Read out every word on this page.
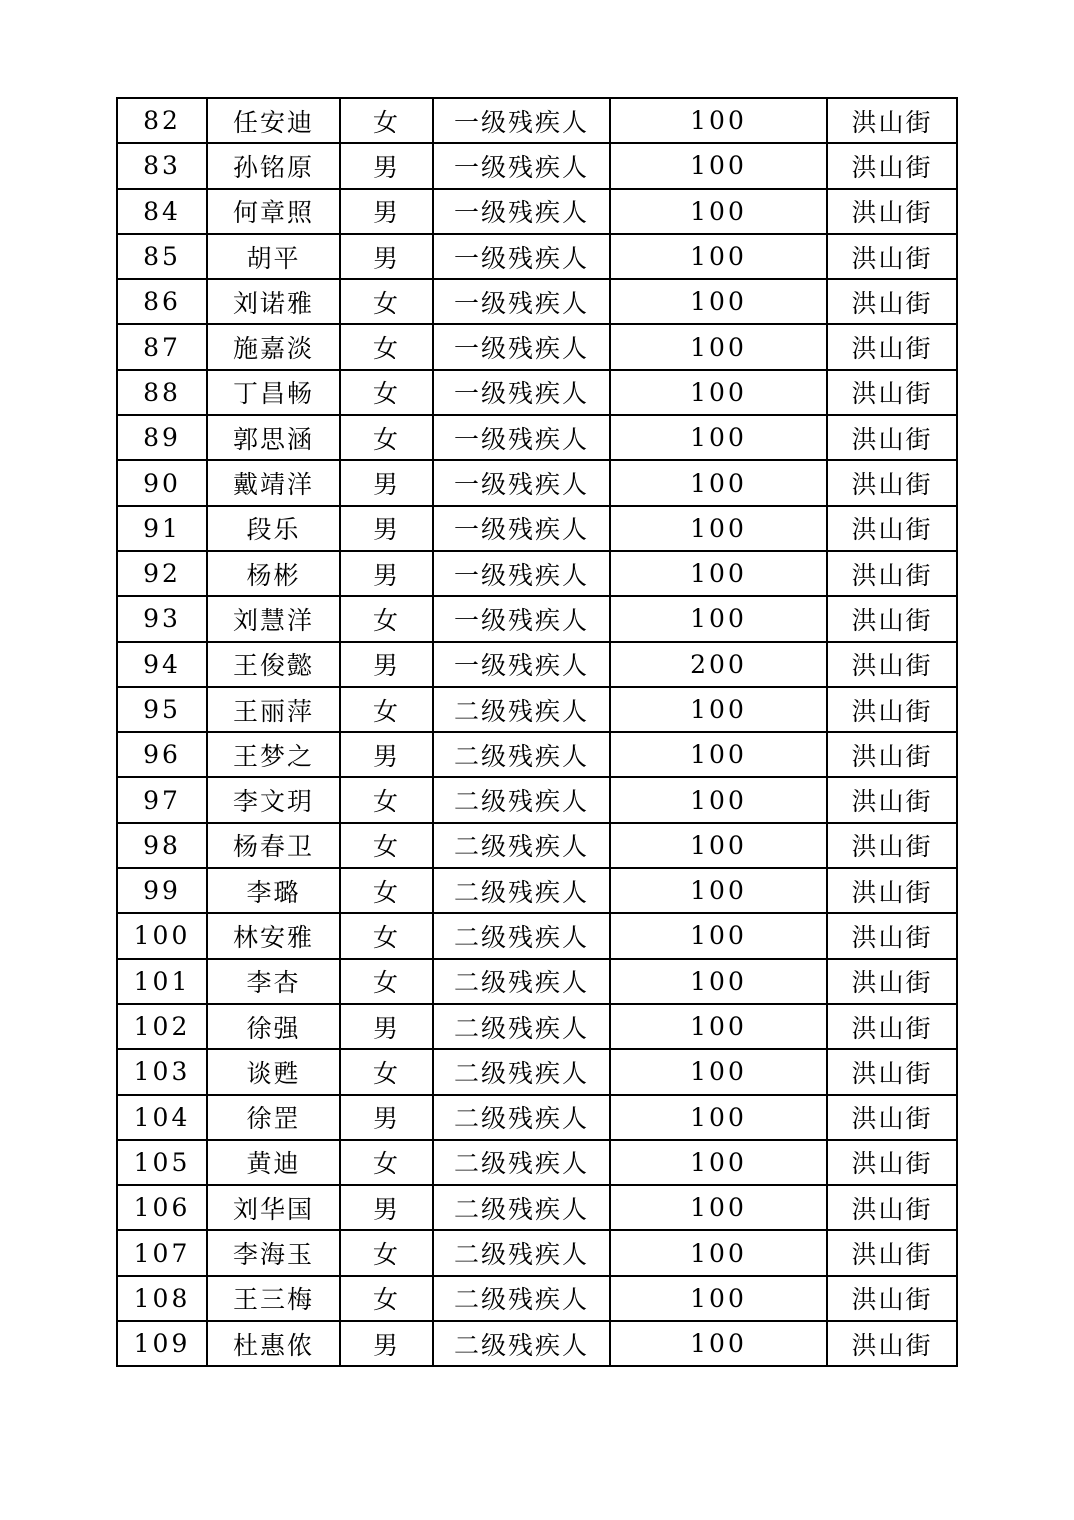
82	任安迪	女	一级残疾人	100	洪山街
83	孙铭原	男	一级残疾人	100	洪山街
84	何章照	男	一级残疾人	100	洪山街
85	胡平	男	一级残疾人	100	洪山街
86	刘诺雅	女	一级残疾人	100	洪山街
87	施嘉淡	女	一级残疾人	100	洪山街
88	丁昌畅	女	一级残疾人	100	洪山街
89	郭思涵	女	一级残疾人	100	洪山街
90	戴靖洋	男	一级残疾人	100	洪山街
91	段乐	男	一级残疾人	100	洪山街
92	杨彬	男	一级残疾人	100	洪山街
93	刘慧洋	女	一级残疾人	100	洪山街
94	王俊懿	男	一级残疾人	200	洪山街
95	王丽萍	女	二级残疾人	100	洪山街
96	王梦之	男	二级残疾人	100	洪山街
97	李文玥	女	二级残疾人	100	洪山街
98	杨春卫	女	二级残疾人	100	洪山街
99	李璐	女	二级残疾人	100	洪山街
100	林安雅	女	二级残疾人	100	洪山街
101	李杏	女	二级残疾人	100	洪山街
102	徐强	男	二级残疾人	100	洪山街
103	谈甦	女	二级残疾人	100	洪山街
104	徐罡	男	二级残疾人	100	洪山街
105	黄迪	女	二级残疾人	100	洪山街
106	刘华国	男	二级残疾人	100	洪山街
107	李海玉	女	二级残疾人	100	洪山街
108	王三梅	女	二级残疾人	100	洪山街
109	杜惠侬	男	二级残疾人	100	洪山街
